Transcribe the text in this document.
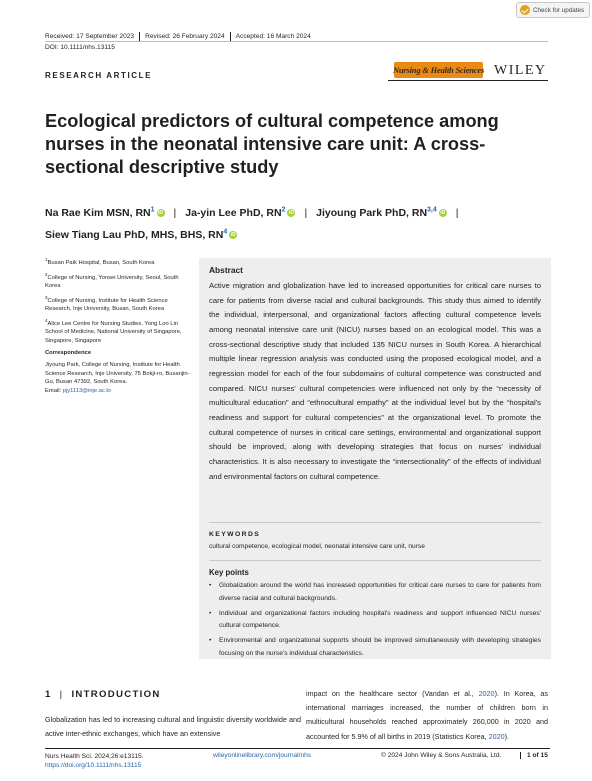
Check for updates
Received: 17 September 2023 Revised: 26 February 2024 Accepted: 16 March 2024
DOI: 10.1111/nhs.13115
RESEARCH ARTICLE
Nursing & Health Sciences WILEY
Ecological predictors of cultural competence among nurses in the neonatal intensive care unit: A cross-sectional descriptive study
Na Rae Kim MSN, $RN^1$ iD | Ja-yin Lee PhD, $RN^2$ iD | Jiyoung Park PhD, RN$^{3,4}$ iD |
Siew Tiang Lau PhD, MHS, BHS, $RN^4$ iD

$^1$Busan Paik Hospital, Busan, South Korea

$^2$College of Nursing, Yonsei University, Seoul, South Korea

$^3$College of Nursing, Institute for Health Science Research, Inje University, Busan, South Korea

$^4$Alice Lee Centre for Nursing Studies, Yong Loo Lin School of Medicine, National University of Singapore, Singapore, Singapore

Correspondence

Jiyoung Park, College of Nursing, Institute for Health Science Research, Inje University, 75 Bokji-ro, Busanjin-Gu, Busan 47392, South Korea.
Email: pjy1113@inje.ac.kr

Abstract
Active migration and globalization have led to increased opportunities for critical care nurses to care for patients from diverse racial and cultural backgrounds. This study thus aimed to identify the individual, interpersonal, and organizational factors affecting cultural competence levels among neonatal intensive care unit (NICU) nurses based on an ecological model. This was a cross-sectional descriptive study that included 135 NICU nurses in South Korea. A hierarchical multiple linear regression analysis was conducted using the proposed ecological model, and a regression model for each of the four subdomains of cultural competence was constructed and compared. NICU nurses' cultural competencies were influenced not only by the “necessity of multicultural education” and “ethnocultural empathy” at the individual level but by the “hospital's readiness and support for cultural competencies” at the organizational level. To promote the cultural competence of nurses in critical care settings, environmental and organizational support should be improved, along with developing strategies that focus on nurses' individual characteristics. It is also necessary to investigate the “intersectionality” of the effects of individual and environmental factors on cultural competence.
KEYWORDS
cultural competence, ecological model, neonatal intensive care unit, nurse
Key points
• Globalization around the world has increased opportunities for critical care nurses to care for patients from diverse racial and cultural backgrounds.
• Individual and organizational factors including hospital's readiness and support influenced NICU nurses' cultural competence.
• Environmental and organizational supports should be improved simultaneously with developing strategies focusing on the nurse's individual characteristics.
1 | INTRODUCTION
Globalization has led to increasing cultural and linguistic diversity worldwide and active inter-ethnic exchanges, which have an extensive
impact on the healthcare sector (Vandan et al., 2020). In Korea, as international marriages increased, the number of children born in multicultural households reached approximately 260,000 in 2020 and accounted for 5.9% of all births in 2019 (Statistics Korea, 2020).
Nurs Health Sci. 2024;26:e13115.
https://doi.org/10.1111/nhs.13115
wileyonlinelibrary.com/journal/nhs	© 2024 John Wiley & Sons Australia, Ltd.	1 of 15
